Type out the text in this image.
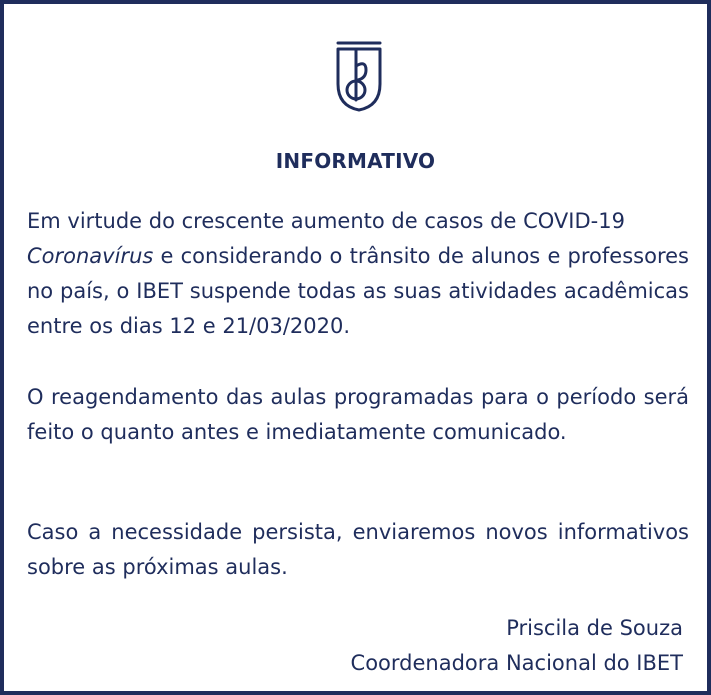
INFORMATIVO

Em virtude do crescente aumento de casos de COVID-19
Coronavírus e considerando o trânsito de alunos e professores no país, o IBET suspende todas as suas atividades acadêmicas entre os dias 12 e 21/03/2020.

O reagendamento das aulas programadas para o período será feito o quanto antes e imediatamente comunicado.

Caso a necessidade persista, enviaremos novos informativos sobre as próximas aulas.

Priscila de Souza
Coordenadora Nacional do IBET
